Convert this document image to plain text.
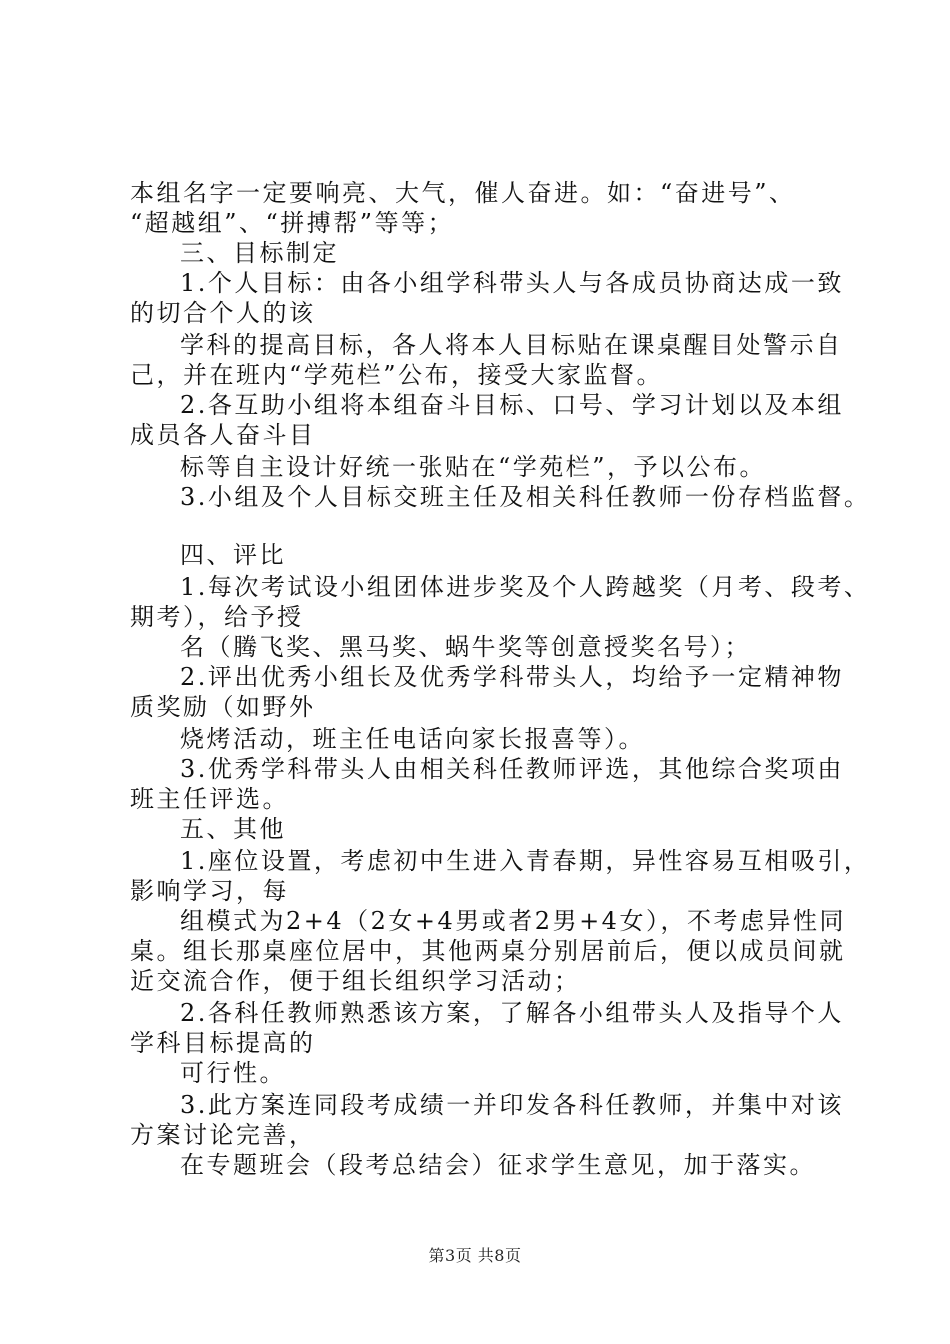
本组名字一定要响亮、大气，催人奋进。如：“奋进号”、
“超越组”、“拼搏帮”等等；
三、目标制定
1.个人目标：由各小组学科带头人与各成员协商达成一致
的切合个人的该
学科的提高目标，各人将本人目标贴在课桌醒目处警示自
己，并在班内“学苑栏”公布，接受大家监督。
2.各互助小组将本组奋斗目标、口号、学习计划以及本组
成员各人奋斗目
标等自主设计好统一张贴在“学苑栏”，予以公布。
3.小组及个人目标交班主任及相关科任教师一份存档监督。
四、评比
1.每次考试设小组团体进步奖及个人跨越奖（月考、段考、
期考），给予授
名（腾飞奖、黑马奖、蜗牛奖等创意授奖名号）；
2.评出优秀小组长及优秀学科带头人，均给予一定精神物
质奖励（如野外
烧烤活动，班主任电话向家长报喜等）。
3.优秀学科带头人由相关科任教师评选，其他综合奖项由
班主任评选。
五、其他
1.座位设置，考虑初中生进入青春期，异性容易互相吸引，
影响学习，每
组模式为2+4（2女+4男或者2男+4女），不考虑异性同
桌。组长那桌座位居中，其他两桌分别居前后，便以成员间就
近交流合作，便于组长组织学习活动；
2.各科任教师熟悉该方案，了解各小组带头人及指导个人
学科目标提高的
可行性。
3.此方案连同段考成绩一并印发各科任教师，并集中对该
方案讨论完善，
在专题班会（段考总结会）征求学生意见，加于落实。
第3页 共8页
